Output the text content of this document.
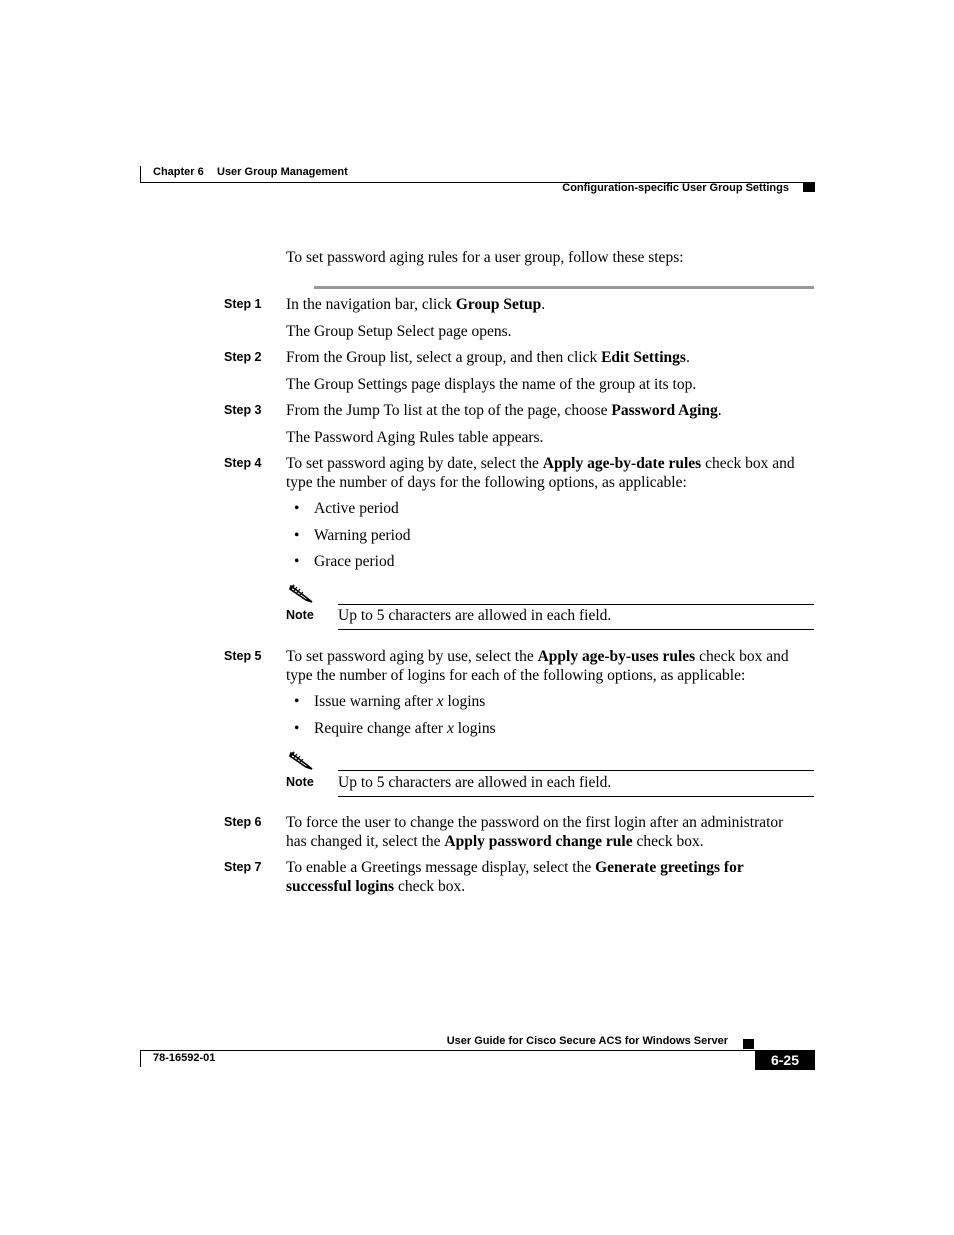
Chapter 6 User Group Management
Configuration-specific User Group Settings
To set password aging rules for a user group, follow these steps:
Step 1 In the navigation bar, click Group Setup.
The Group Setup Select page opens.
Step 2 From the Group list, select a group, and then click Edit Settings.
The Group Settings page displays the name of the group at its top.
Step 3 From the Jump To list at the top of the page, choose Password Aging.
The Password Aging Rules table appears.
Step 4 To set password aging by date, select the Apply age-by-date rules check box and
type the number of days for the following options, as applicable:
• Active period
• Warning period
• Grace period
Note Up to 5 characters are allowed in each field.
Step 5 To set password aging by use, select the Apply age-by-uses rules check box and
type the number of logins for each of the following options, as applicable:
• Issue warning after x logins
• Require change after x logins
Note Up to 5 characters are allowed in each field.
Step 6 To force the user to change the password on the first login after an administrator
has changed it, select the Apply password change rule check box.
Step 7 To enable a Greetings message display, select the Generate greetings for
successful logins check box.
User Guide for Cisco Secure ACS for Windows Server
78-16592-01	6-25
